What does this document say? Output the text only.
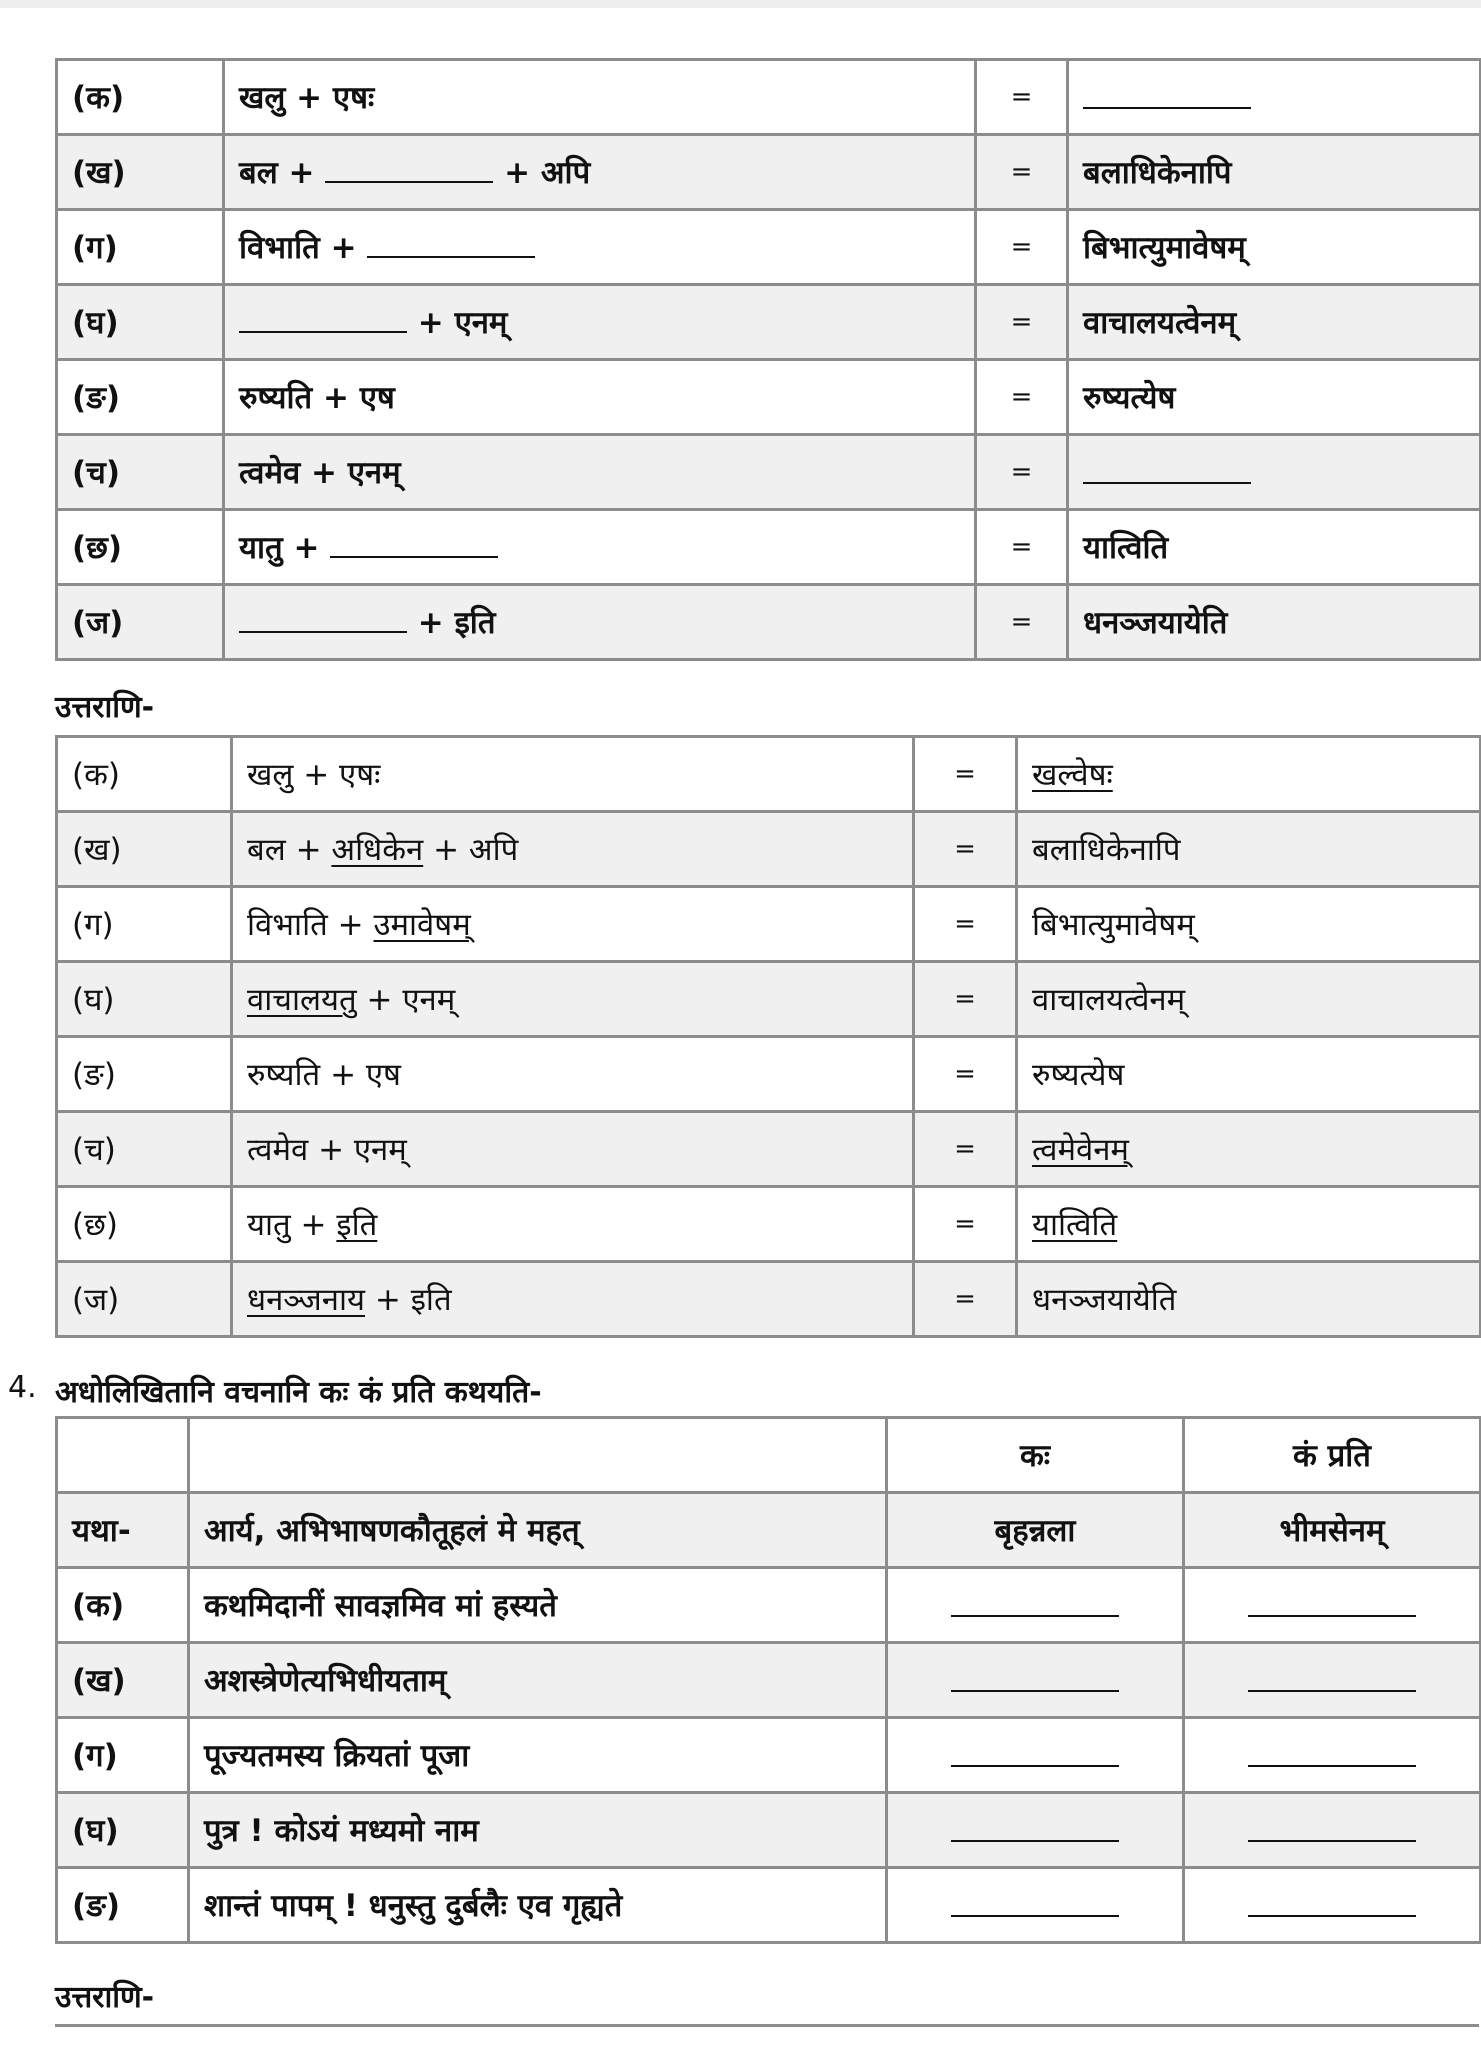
(क)	खलु + एषः	=	
(ख)	बल + + अपि	=	बलाधिकेनापि
(ग)	विभाति +	=	बिभात्युमावेषम्
(घ)	+ एनम्	=	वाचालयत्वेनम्
(ङ)	रुष्यति + एष	=	रुष्यत्येष
(च)	त्वमेव + एनम्	=	
(छ)	यातु +	=	यात्विति
(ज)	+ इति	=	धनञ्जयायेति
उत्तराणि-
(क)	खलु + एषः	=	खल्वेषः
(ख)	बल + अधिकेन + अपि	=	बलाधिकेनापि
(ग)	विभाति + उमावेषम्	=	बिभात्युमावेषम्
(घ)	वाचालयतु + एनम्	=	वाचालयत्वेनम्
(ङ)	रुष्यति + एष	=	रुष्यत्येष
(च)	त्वमेव + एनम्	=	त्वमेवेनम्
(छ)	यातु + इति	=	यात्विति
(ज)	धनञ्जनाय + इति	=	धनञ्जयायेति
4. अधोलिखितानि वचनानि कः कं प्रति कथयति-
		कः	कं प्रति
यथा-	आर्य, अभिभाषणकौतूहलं मे महत्	बृहन्नला	भीमसेनम्
(क)	कथमिदानीं सावज्ञमिव मां हस्यते		
(ख)	अशस्त्रेणेत्यभिधीयताम्		
(ग)	पूज्यतमस्य क्रियतां पूजा		
(घ)	पुत्र ! कोऽयं मध्यमो नाम		
(ङ)	शान्तं पापम् ! धनुस्तु दुर्बलैः एव गृह्यते		
उत्तराणि-
